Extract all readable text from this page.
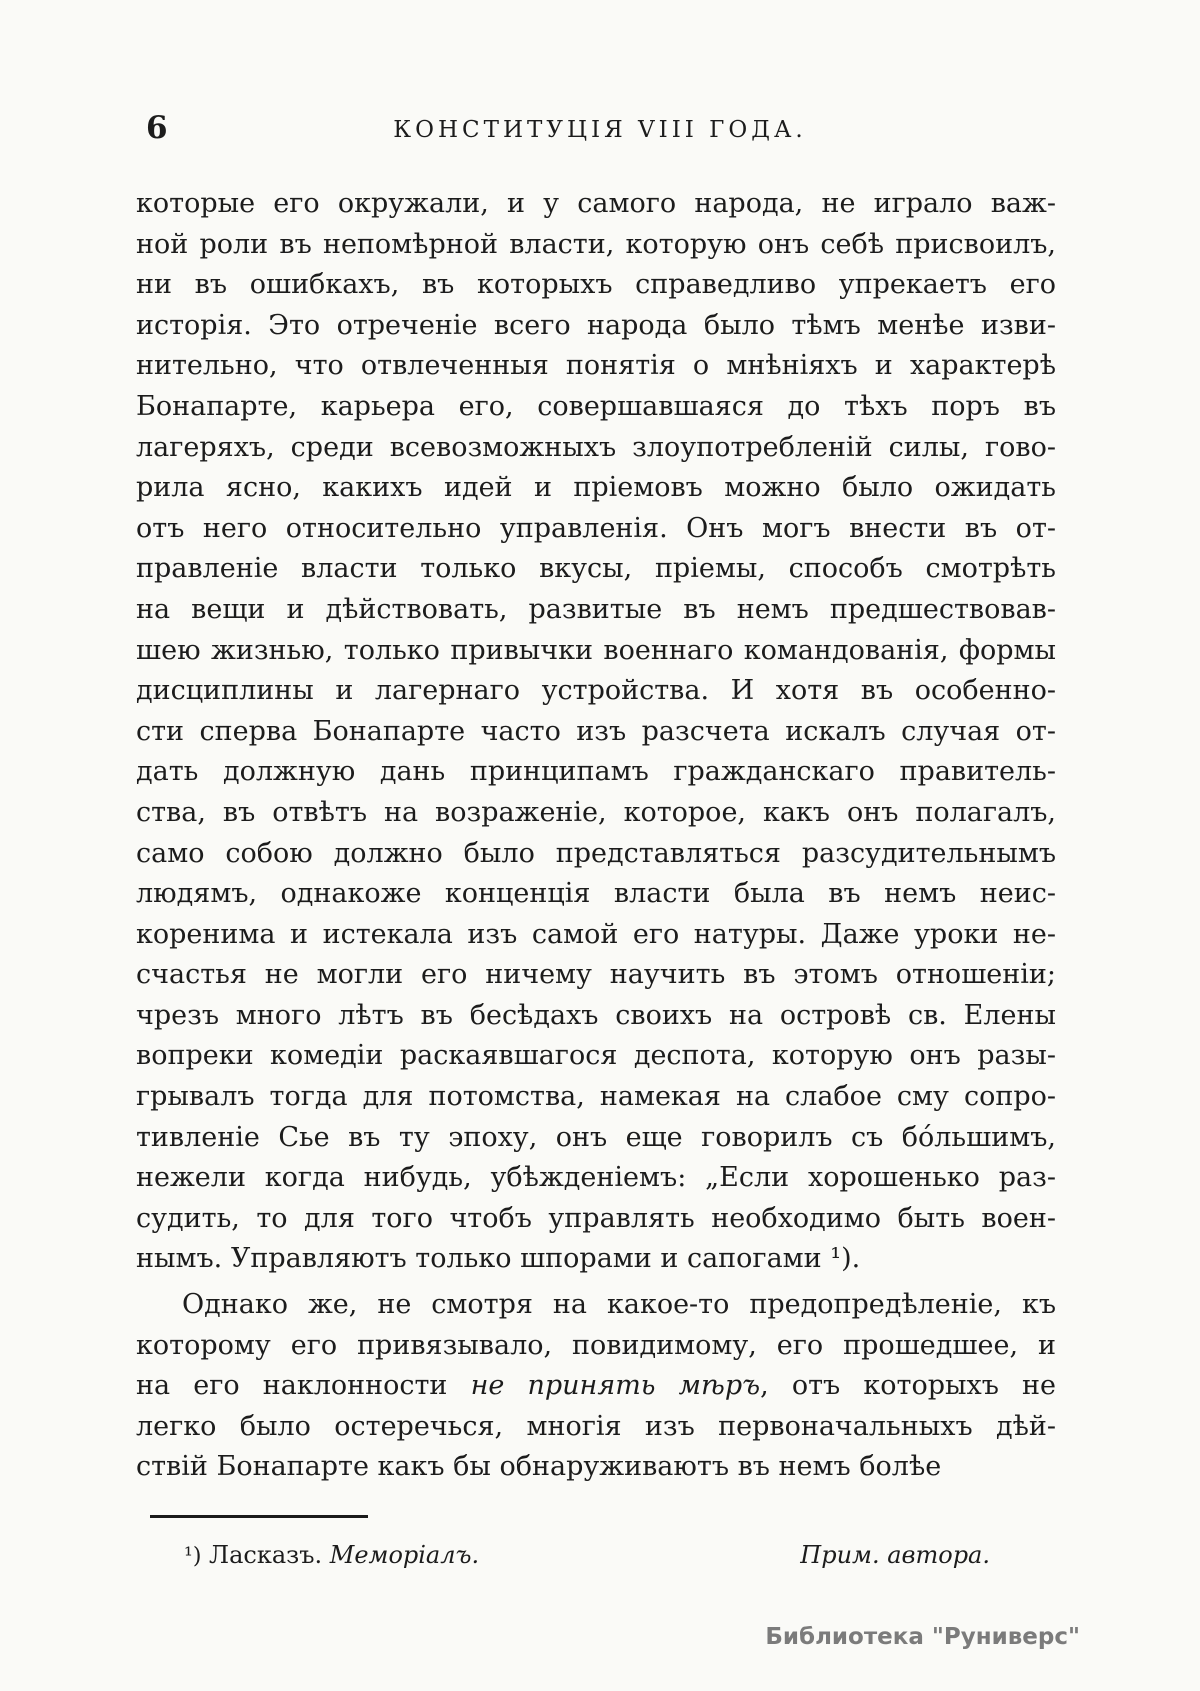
6	КОНСТИТУЦІЯ VIII ГОДА.
которые его окружали, и у самого народа, не играло важ-
ной роли въ непомѣрной власти, которую онъ себѣ присвоилъ,
ни въ ошибкахъ, въ которыхъ справедливо упрекаетъ его
исторія. Это отреченіе всего народа было тѣмъ менѣе изви-
нительно, что отвлеченныя понятія о мнѣніяхъ и характерѣ
Бонапарте, карьера его, совершавшаяся до тѣхъ поръ въ
лагеряхъ, среди всевозможныхъ злоупотребленій силы, гово-
рила ясно, какихъ идей и пріемовъ можно было ожидать
отъ него относительно управленія. Онъ могъ внести въ от-
правленіе власти только вкусы, пріемы, способъ смотрѣть
на вещи и дѣйствовать, развитые въ немъ предшествовав-
шею жизнью, только привычки военнаго командованія, формы
дисциплины и лагернаго устройства. И хотя въ особенно-
сти сперва Бонапарте часто изъ разсчета искалъ случая от-
дать должную дань принципамъ гражданскаго правитель-
ства, въ отвѣтъ на возраженіе, которое, какъ онъ полагалъ,
само собою должно было представляться разсудительнымъ
людямъ, однакоже конценція власти была въ немъ неис-
коренима и истекала изъ самой его натуры. Даже уроки не-
счастья не могли его ничему научить въ этомъ отношеніи;
чрезъ много лѣтъ въ бесѣдахъ своихъ на островѣ св. Елены
вопреки комедіи раскаявшагося деспота, которую онъ разы-
грывалъ тогда для потомства, намекая на слабое сму сопро-
тивленіе Сье въ ту эпоху, онъ еще говорилъ съ бо́льшимъ,
нежели когда нибудь, убѣжденіемъ: „Если хорошенько раз-
судить, то для того чтобъ управлять необходимо быть воен-
нымъ. Управляютъ только шпорами и сапогами ¹).
Однако же, не смотря на какое-то предопредѣленіе, къ
которому его привязывало, повидимому, его прошедшее, и
на его наклонности не принять мѣръ, отъ которыхъ не
легко было остеречься, многія изъ первоначальныхъ дѣй-
ствій Бонапарте какъ бы обнаруживаютъ въ немъ болѣе
¹) Ласказъ. Меморіалъ.	Прим. автора.
Библиотека "Руниверс"
